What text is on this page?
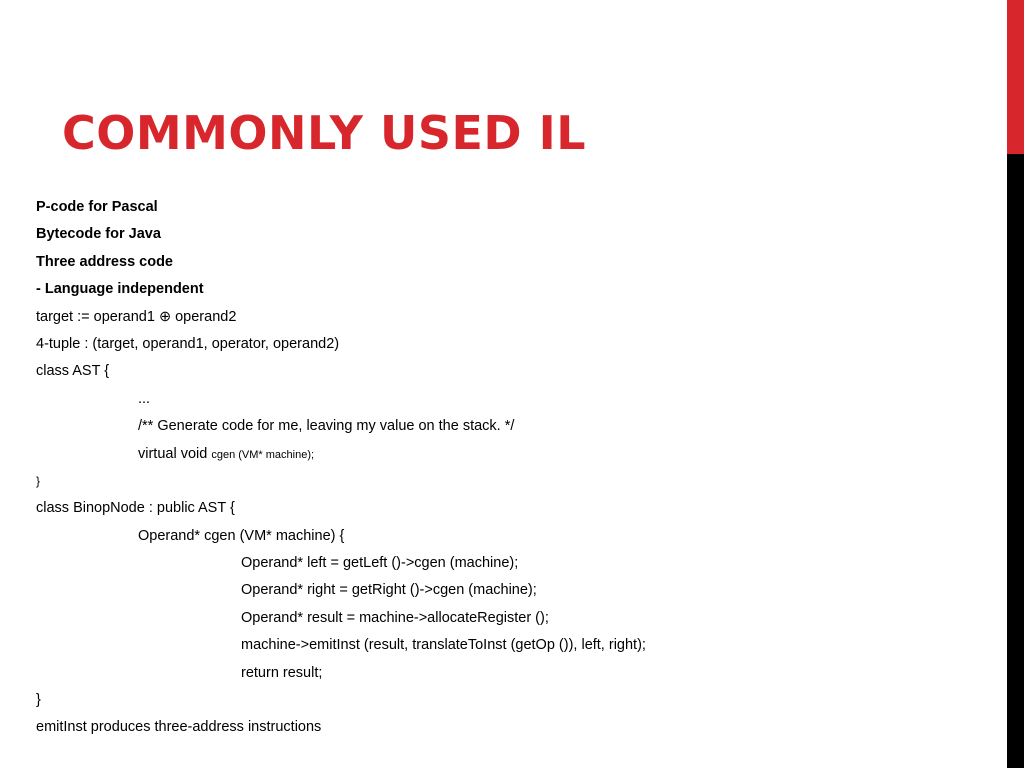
COMMONLY USED IL
P-code for Pascal
Bytecode for Java
Three address code
- Language independent
target := operand1 ⊕ operand2
4-tuple : (target, operand1, operator, operand2)
class AST {
...
/** Generate code for me, leaving my value on the stack. */
virtual void cgen (VM* machine);
}
class BinopNode : public AST {
Operand* cgen (VM* machine) {
Operand* left = getLeft ()->cgen (machine);
Operand* right = getRight ()->cgen (machine);
Operand* result = machine->allocateRegister ();
machine->emitInst (result, translateToInst (getOp ()), left, right);
return result;
}
emitInst produces three-address instructions
